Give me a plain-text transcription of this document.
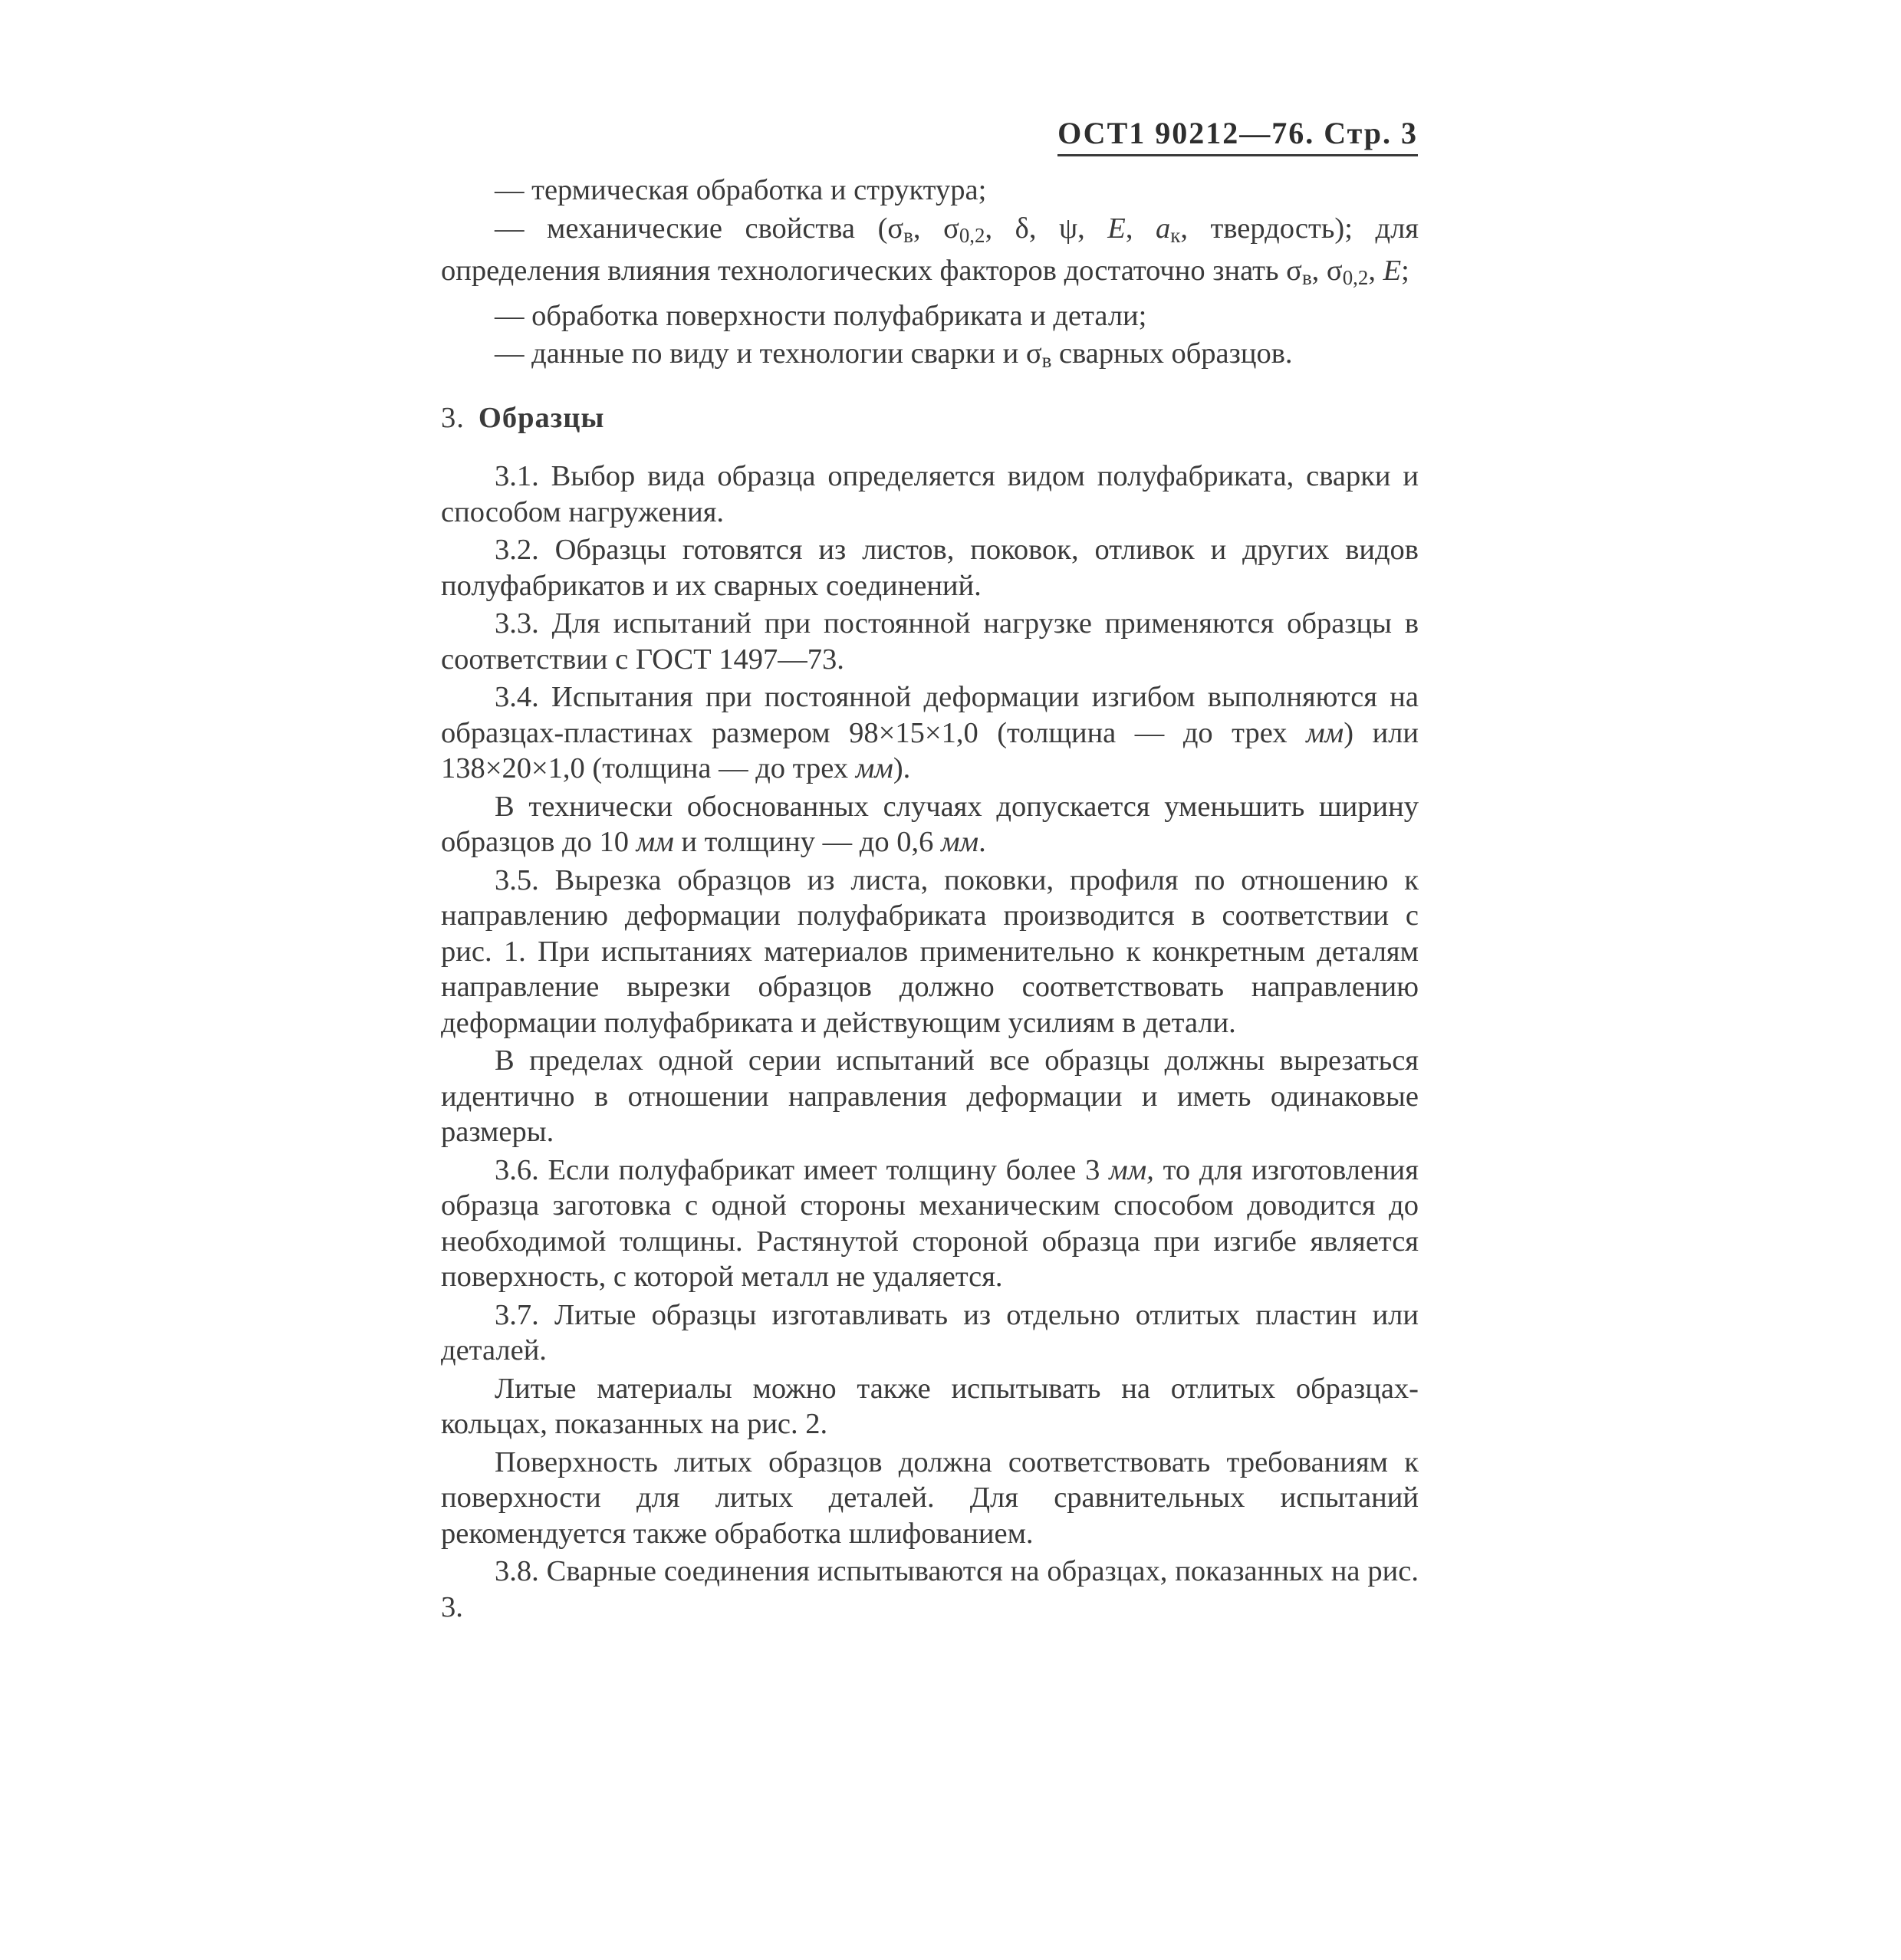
ОСТ1 90212—76. Стр. 3

— термическая обработка и структура;

— механические свойства ($\sigma_в$, $\sigma_{0,2}$, δ, ψ, E, $a_к$, твердость); для определения влияния технологических факторов достаточно знать $\sigma_в$, $\sigma_{0,2}$, E;

— обработка поверхности полуфабриката и детали;

— данные по виду и технологии сварки и $\sigma_в$ сварных образцов.

3. Образцы

3.1. Выбор вида образца определяется видом полуфабриката, сварки и способом нагружения.

3.2. Образцы готовятся из листов, поковок, отливок и других видов полуфабрикатов и их сварных соединений.

3.3. Для испытаний при постоянной нагрузке применяются образцы в соответствии с ГОСТ 1497—73.

3.4. Испытания при постоянной деформации изгибом выполняются на образцах-пластинах размером 98×15×1,0 (толщина — до трех мм) или 138×20×1,0 (толщина — до трех мм).

В технически обоснованных случаях допускается уменьшить ширину образцов до 10 мм и толщину — до 0,6 мм.

3.5. Вырезка образцов из листа, поковки, профиля по отношению к направлению деформации полуфабриката производится в соответствии с рис. 1. При испытаниях материалов применительно к конкретным деталям направление вырезки образцов должно соответствовать направлению деформации полуфабриката и действующим усилиям в детали.

В пределах одной серии испытаний все образцы должны вырезаться идентично в отношении направления деформации и иметь одинаковые размеры.

3.6. Если полуфабрикат имеет толщину более 3 мм, то для изготовления образца заготовка с одной стороны механическим способом доводится до необходимой толщины. Растянутой стороной образца при изгибе является поверхность, с которой металл не удаляется.

3.7. Литые образцы изготавливать из отдельно отлитых пластин или деталей.

Литые материалы можно также испытывать на отлитых образцах-кольцах, показанных на рис. 2.

Поверхность литых образцов должна соответствовать требованиям к поверхности для литых деталей. Для сравнительных испытаний рекомендуется также обработка шлифованием.

3.8. Сварные соединения испытываются на образцах, показанных на рис. 3.
